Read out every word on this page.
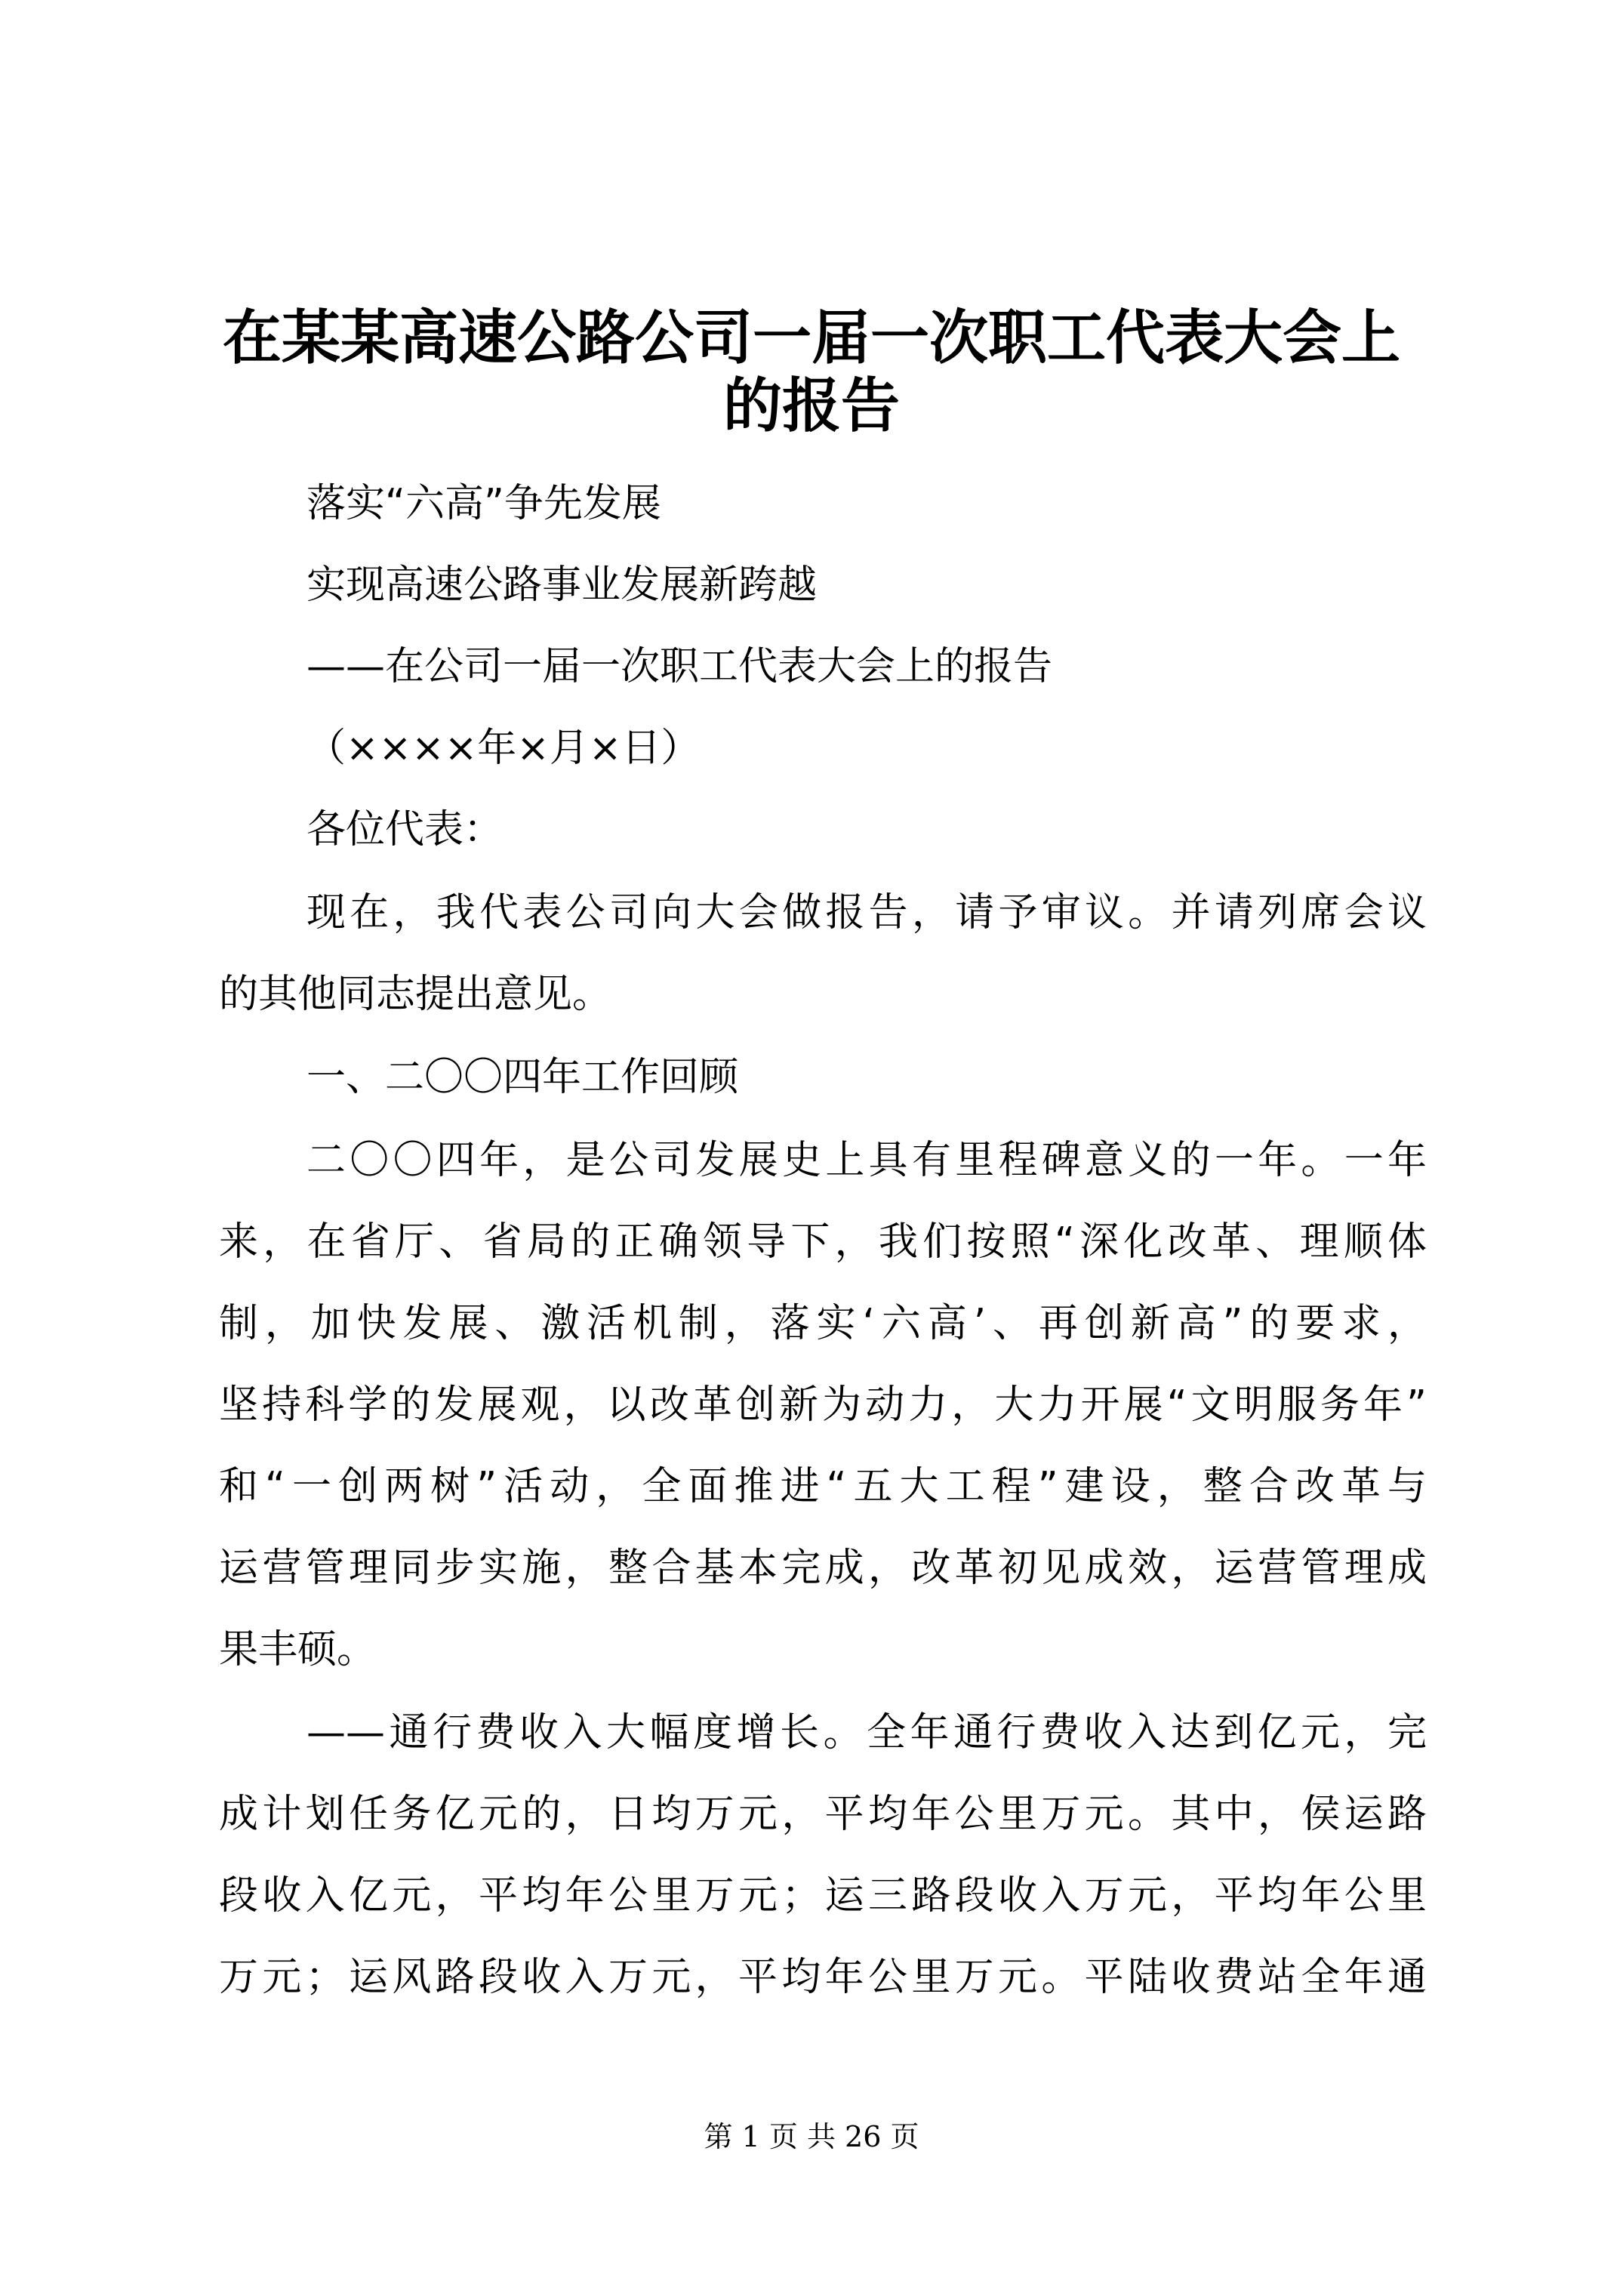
在某某高速公路公司一届一次职工代表大会上
的报告

落实“六高”争先发展

实现高速公路事业发展新跨越

——在公司一届一次职工代表大会上的报告

（××××年×月×日）

各位代表：

现在，我代表公司向大会做报告，请予审议。并请列席会议

的其他同志提出意见。

一、二〇〇四年工作回顾

二〇〇四年，是公司发展史上具有里程碑意义的一年。一年

来，在省厅、省局的正确领导下，我们按照“深化改革、理顺体

制，加快发展、激活机制，落实‘六高’、再创新高”的要求，

坚持科学的发展观，以改革创新为动力，大力开展“文明服务年”

和“一创两树”活动，全面推进“五大工程”建设，整合改革与

运营管理同步实施，整合基本完成，改革初见成效，运营管理成

果丰硕。

——通行费收入大幅度增长。全年通行费收入达到亿元，完

成计划任务亿元的，日均万元，平均年公里万元。其中，侯运路

段收入亿元，平均年公里万元；运三路段收入万元，平均年公里

万元；运风路段收入万元，平均年公里万元。平陆收费站全年通

第 1 页 共 26 页
